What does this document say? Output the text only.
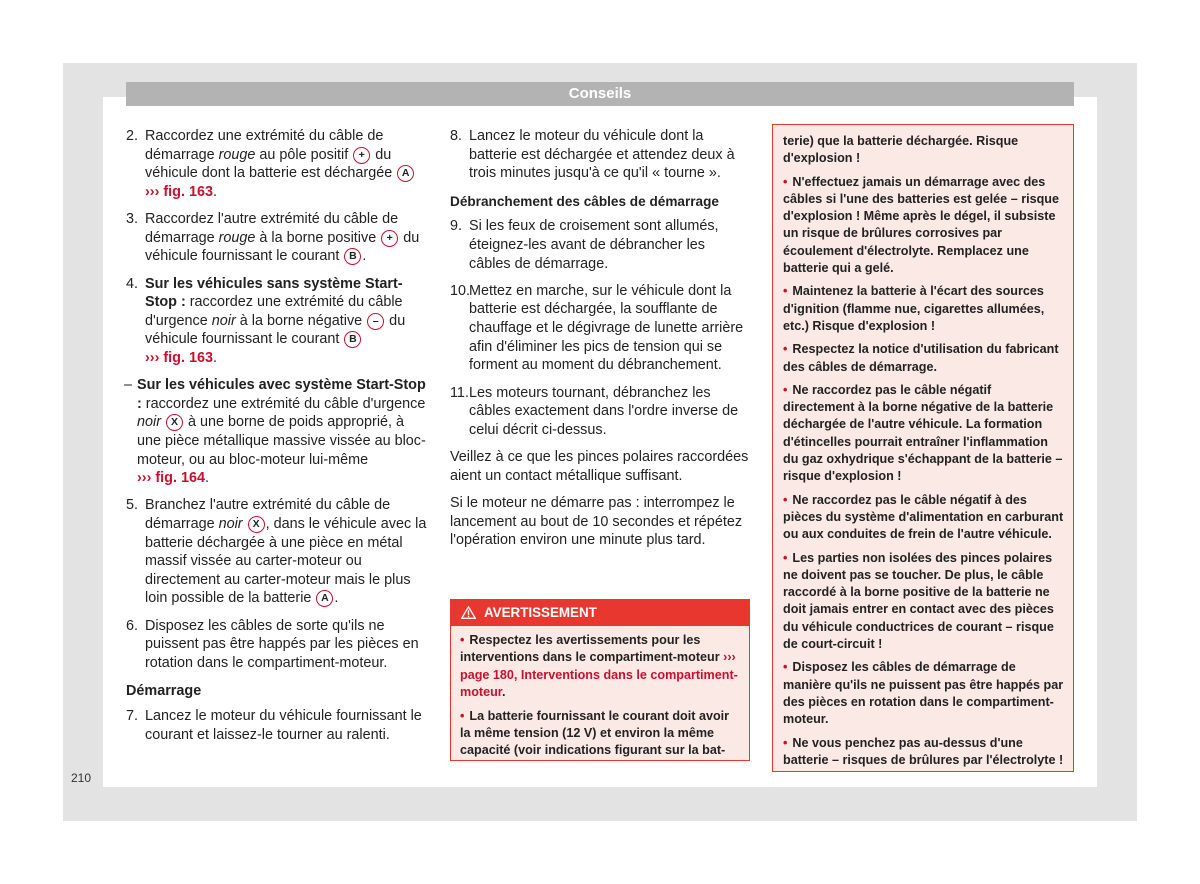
Conseils
2. Raccordez une extrémité du câble de démarrage rouge au pôle positif + du véhicule dont la batterie est déchargée A
››› fig. 163.
3. Raccordez l'autre extrémité du câble de démarrage rouge à la borne positive + du véhicule fournissant le courant B .
4. Sur les véhicules sans système Start-Stop : raccordez une extrémité du câble d'urgence noir à la borne négative – du véhicule fournissant le courant B
››› fig. 163.
– Sur les véhicules avec système Start-Stop : raccordez une extrémité du câble d'urgence noir X à une borne de poids approprié, à une pièce métallique massive vissée au bloc-moteur, ou au bloc-moteur lui-même
››› fig. 164.
5. Branchez l'autre extrémité du câble de démarrage noir X , dans le véhicule avec la batterie déchargée à une pièce en métal massif vissée au carter-moteur ou directement au carter-moteur mais le plus loin possible de la batterie A .
6. Disposez les câbles de sorte qu'ils ne puissent pas être happés par les pièces en rotation dans le compartiment-moteur.
Démarrage
7. Lancez le moteur du véhicule fournissant le courant et laissez-le tourner au ralenti.
8. Lancez le moteur du véhicule dont la batterie est déchargée et attendez deux à trois minutes jusqu'à ce qu'il « tourne ».
Débranchement des câbles de démarrage
9. Si les feux de croisement sont allumés, éteignez-les avant de débrancher les câbles de démarrage.
10.
Mettez en marche, sur le véhicule dont la batterie est déchargée, la soufflante de chauffage et le dégivrage de lunette arrière afin d'éliminer les pics de tension qui se forment au moment du débranchement.
11. Les moteurs tournant, débranchez les câbles exactement dans l'ordre inverse de celui décrit ci-dessus.
Veillez à ce que les pinces polaires raccordées aient un contact métallique suffisant.
Si le moteur ne démarre pas : interrompez le lancement au bout de 10 secondes et répétez l'opération environ une minute plus tard.
AVERTISSEMENT

• Respectez les avertissements pour les interventions dans le compartiment-moteur ››› page 180, Interventions dans le compartiment-moteur.

• La batterie fournissant le courant doit avoir la même tension (12 V) et environ la même capacité (voir indications figurant sur la bat-

terie) que la batterie déchargée. Risque d'explosion !

• N'effectuez jamais un démarrage avec des câbles si l'une des batteries est gelée – risque d'explosion ! Même après le dégel, il subsiste un risque de brûlures corrosives par écoulement d'électrolyte. Remplacez une batterie qui a gelé.

• Maintenez la batterie à l'écart des sources d'ignition (flamme nue, cigarettes allumées, etc.) Risque d'explosion !

• Respectez la notice d'utilisation du fabricant des câbles de démarrage.

• Ne raccordez pas le câble négatif directement à la borne négative de la batterie déchargée de l'autre véhicule. La formation d'étincelles pourrait entraîner l'inflammation du gaz oxhydrique s'échappant de la batterie – risque d'explosion !

• Ne raccordez pas le câble négatif à des pièces du système d'alimentation en carburant ou aux conduites de frein de l'autre véhicule.

• Les parties non isolées des pinces polaires ne doivent pas se toucher. De plus, le câble raccordé à la borne positive de la batterie ne doit jamais entrer en contact avec des pièces du véhicule conductrices de courant – risque de court-circuit !

• Disposez les câbles de démarrage de manière qu'ils ne puissent pas être happés par des pièces en rotation dans le compartiment-moteur.

• Ne vous penchez pas au-dessus d'une batterie – risques de brûlures par l'électrolyte !

210
